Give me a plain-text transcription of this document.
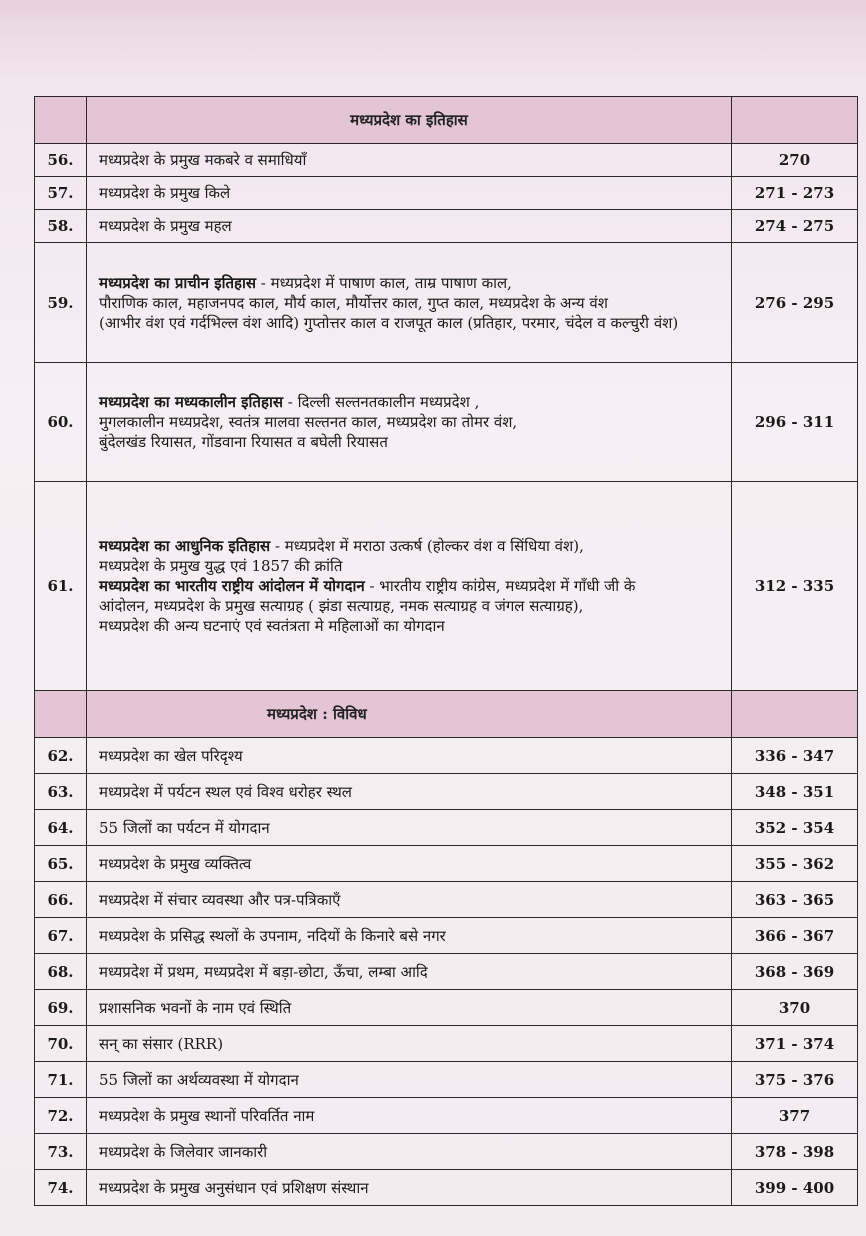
	मध्यप्रदेश का इतिहास	
56.	मध्यप्रदेश के प्रमुख मकबरे व समाधियाँ	270
57.	मध्यप्रदेश के प्रमुख किले	271 - 273
58.	मध्यप्रदेश के प्रमुख महल	274 - 275
59.	मध्यप्रदेश का प्राचीन इतिहास - मध्यप्रदेश में पाषाण काल, ताम्र पाषाण काल,
पौराणिक काल, महाजनपद काल, मौर्य काल, मौर्योत्तर काल, गुप्त काल, मध्यप्रदेश के अन्य वंश
(आभीर वंश एवं गर्दभिल्ल वंश आदि) गुप्तोत्तर काल व राजपूत काल (प्रतिहार, परमार, चंदेल व कल्चुरी वंश)	276 - 295
60.	मध्यप्रदेश का मध्यकालीन इतिहास - दिल्ली सल्तनतकालीन मध्यप्रदेश ,
मुगलकालीन मध्यप्रदेश, स्वतंत्र मालवा सल्तनत काल, मध्यप्रदेश का तोमर वंश,
बुंदेलखंड रियासत, गोंडवाना रियासत व बघेली रियासत	296 - 311
61.	मध्यप्रदेश का आधुनिक इतिहास - मध्यप्रदेश में मराठा उत्कर्ष (होल्कर वंश व सिंधिया वंश),
मध्यप्रदेश के प्रमुख युद्ध एवं 1857 की क्रांति
मध्यप्रदेश का भारतीय राष्ट्रीय आंदोलन में योगदान - भारतीय राष्ट्रीय कांग्रेस, मध्यप्रदेश में गाँधी जी के
आंदोलन, मध्यप्रदेश के प्रमुख सत्याग्रह ( झंडा सत्याग्रह, नमक सत्याग्रह व जंगल सत्याग्रह),
मध्यप्रदेश की अन्य घटनाएं एवं स्वतंत्रता मे महिलाओं का योगदान	312 - 335
	मध्यप्रदेश : विविध	
62.	मध्यप्रदेश का खेल परिदृश्य	336 - 347
63.	मध्यप्रदेश में पर्यटन स्थल एवं विश्व धरोहर स्थल	348 - 351
64.	55 जिलों का पर्यटन में योगदान	352 - 354
65.	मध्यप्रदेश के प्रमुख व्यक्तित्व	355 - 362
66.	मध्यप्रदेश में संचार व्यवस्था और पत्र-पत्रिकाएँ	363 - 365
67.	मध्यप्रदेश के प्रसिद्ध स्थलों के उपनाम, नदियों के किनारे बसे नगर	366 - 367
68.	मध्यप्रदेश में प्रथम, मध्यप्रदेश में बड़ा-छोटा, ऊँचा, लम्बा आदि	368 - 369
69.	प्रशासनिक भवनों के नाम एवं स्थिति	370
70.	सन् का संसार (RRR)	371 - 374
71.	55 जिलों का अर्थव्यवस्था में योगदान	375 - 376
72.	मध्यप्रदेश के प्रमुख स्थानों परिवर्तित नाम	377
73.	मध्यप्रदेश के जिलेवार जानकारी	378 - 398
74.	मध्यप्रदेश के प्रमुख अनुसंधान एवं प्रशिक्षण संस्थान	399 - 400
